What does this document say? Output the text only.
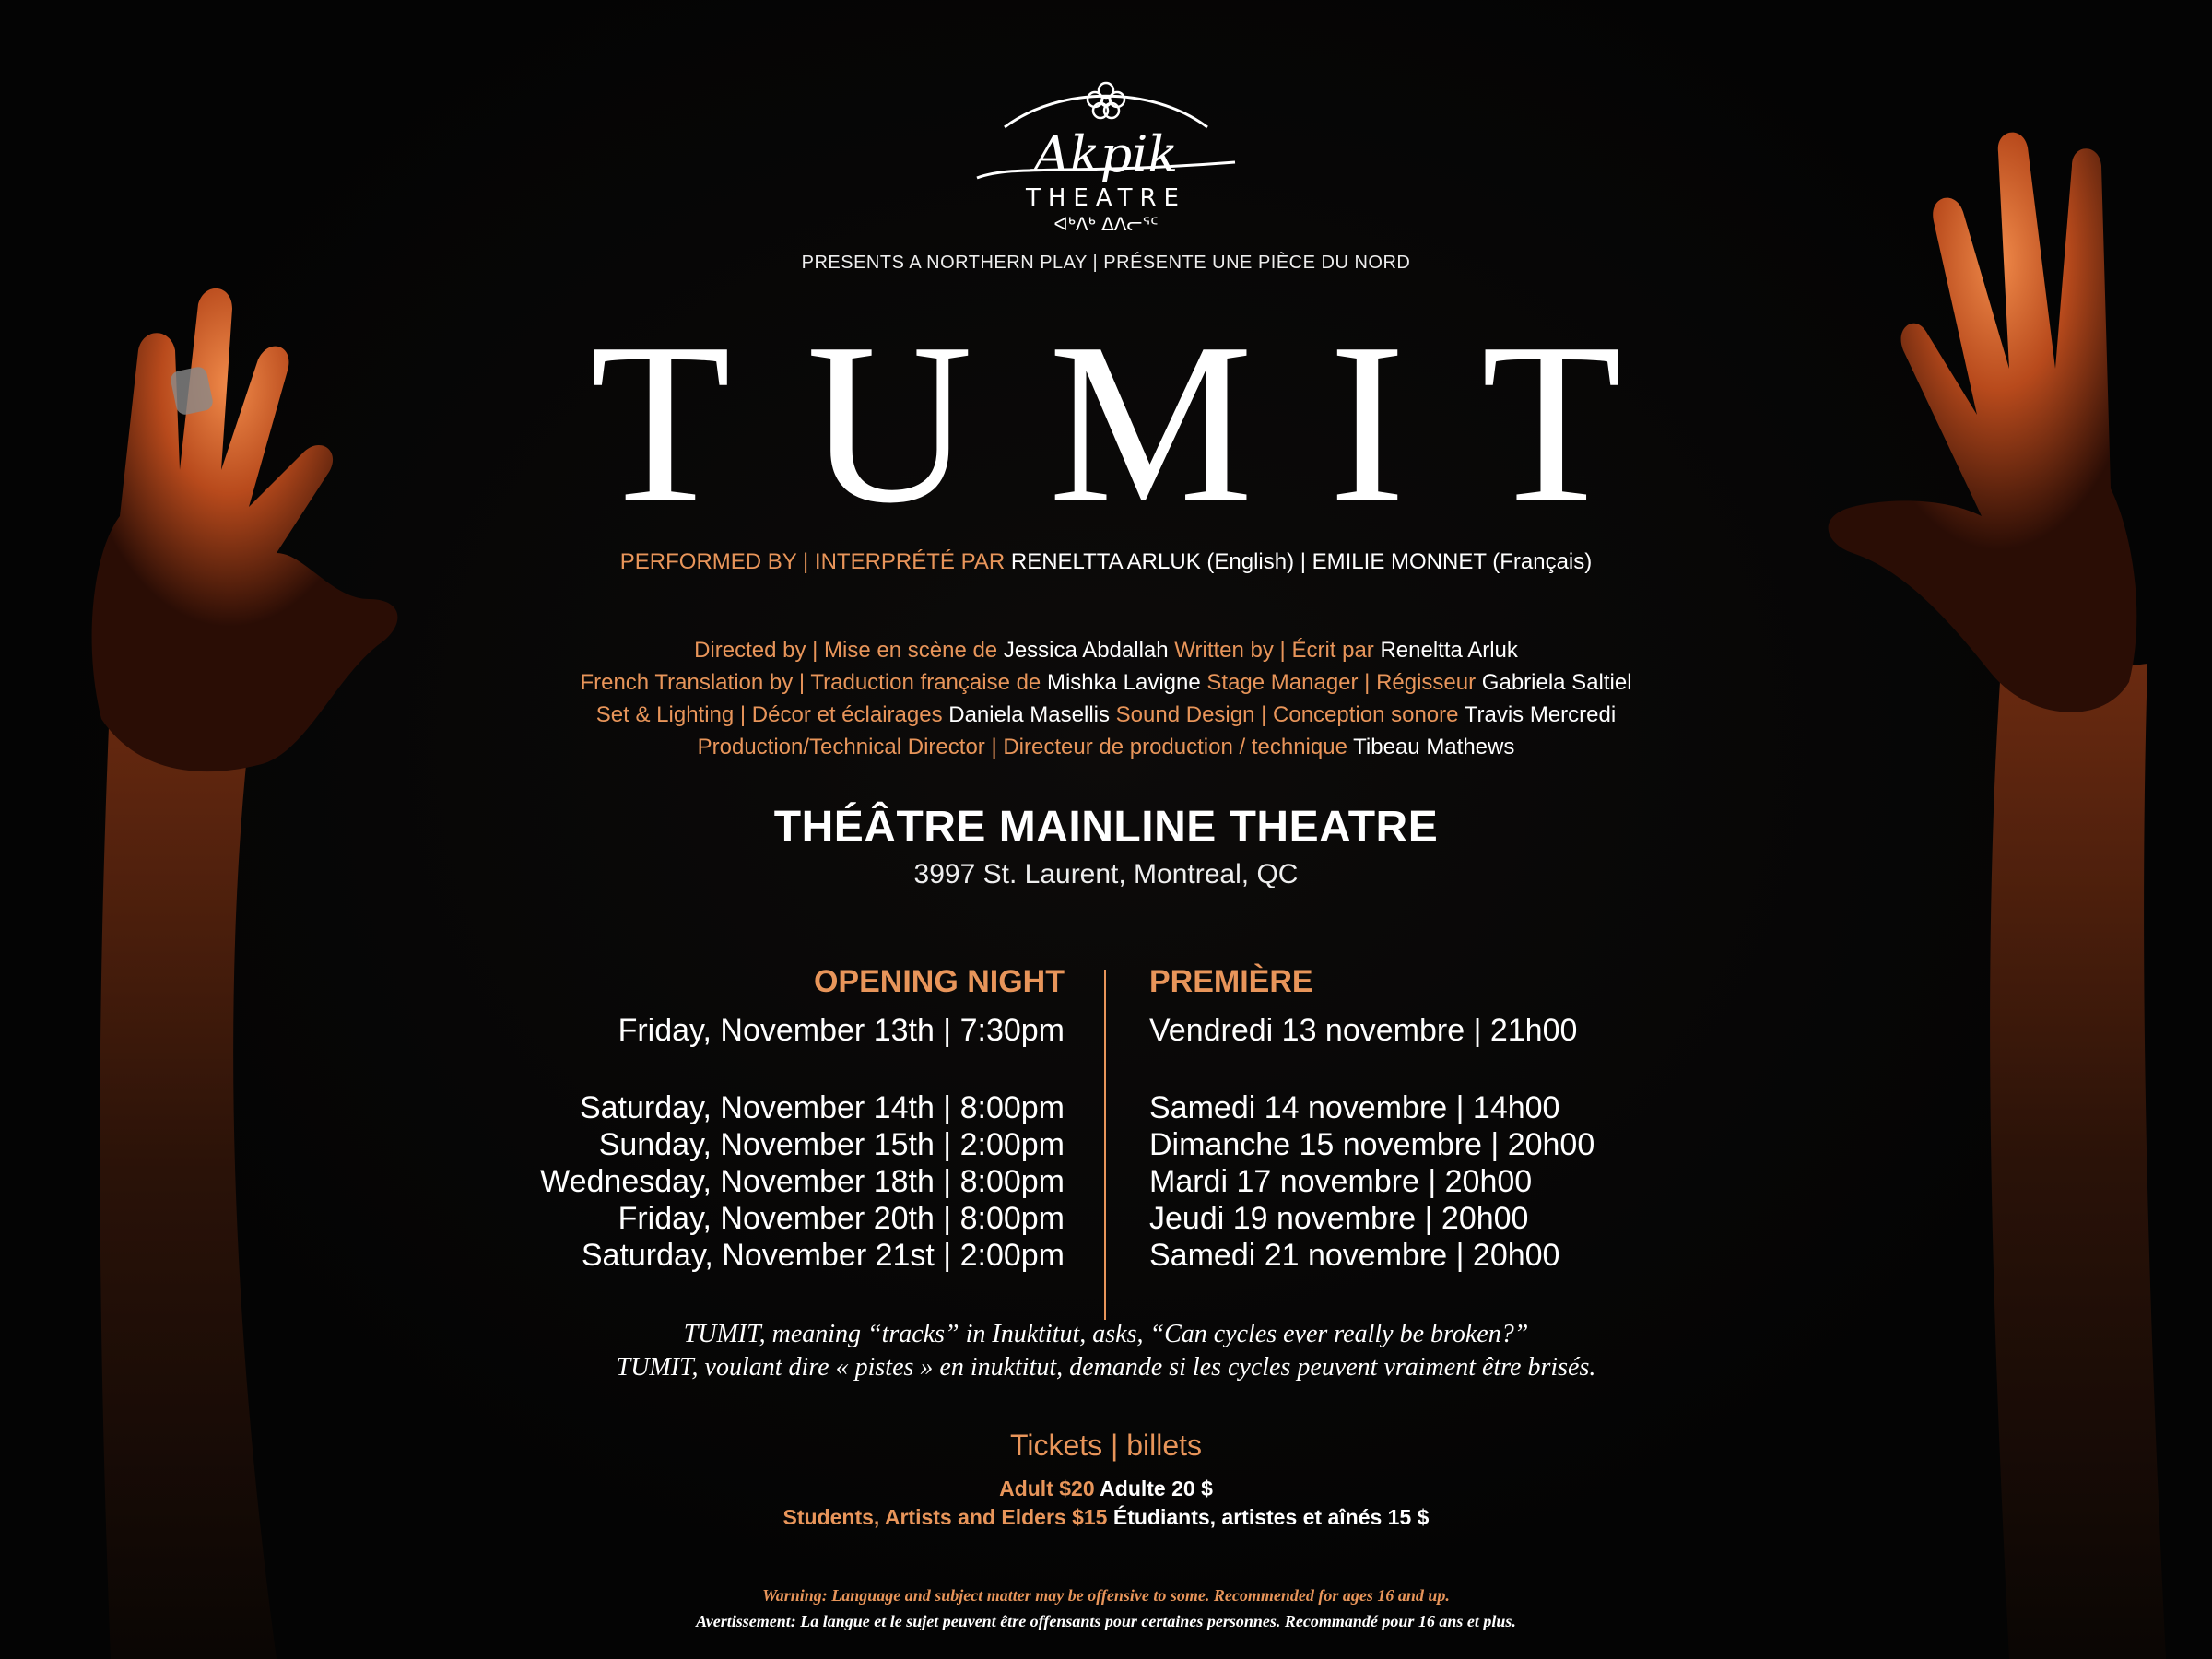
Akpik
THEATRE
ᐊᒃᐱᒃ ᐃᐱᓕᕐᑦ
PRESENTS A NORTHERN PLAY | PRÉSENTE UNE PIÈCE DU NORD
TUMIT
PERFORMED BY | INTERPRÉTÉ PAR RENELTTA ARLUK (English) | EMILIE MONNET (Français)
Directed by | Mise en scène de Jessica Abdallah Written by | Écrit par Reneltta Arluk
French Translation by | Traduction française de Mishka Lavigne Stage Manager | Régisseur Gabriela Saltiel
Set & Lighting | Décor et éclairages Daniela Masellis Sound Design | Conception sonore Travis Mercredi
Production/Technical Director | Directeur de production / technique Tibeau Mathews
THÉÂTRE MAINLINE THEATRE
3997 St. Laurent, Montreal, QC
OPENING NIGHT
Friday, November 13th | 7:30pm
Saturday, November 14th | 8:00pm
Sunday, November 15th | 2:00pm
Wednesday, November 18th | 8:00pm
Friday, November 20th | 8:00pm
Saturday, November 21st | 2:00pm
PREMIÈRE
Vendredi 13 novembre | 21h00
Samedi 14 novembre | 14h00
Dimanche 15 novembre | 20h00
Mardi 17 novembre | 20h00
Jeudi 19 novembre | 20h00
Samedi 21 novembre | 20h00
TUMIT, meaning “tracks” in Inuktitut, asks, “Can cycles ever really be broken?”
TUMIT, voulant dire « pistes » en inuktitut, demande si les cycles peuvent vraiment être brisés.
Tickets | billets
Adult $20 Adulte 20 $
Students, Artists and Elders $15 Étudiants, artistes et aînés 15 $
Warning: Language and subject matter may be offensive to some. Recommended for ages 16 and up.
Avertissement: La langue et le sujet peuvent être offensants pour certaines personnes. Recommandé pour 16 ans et plus.
